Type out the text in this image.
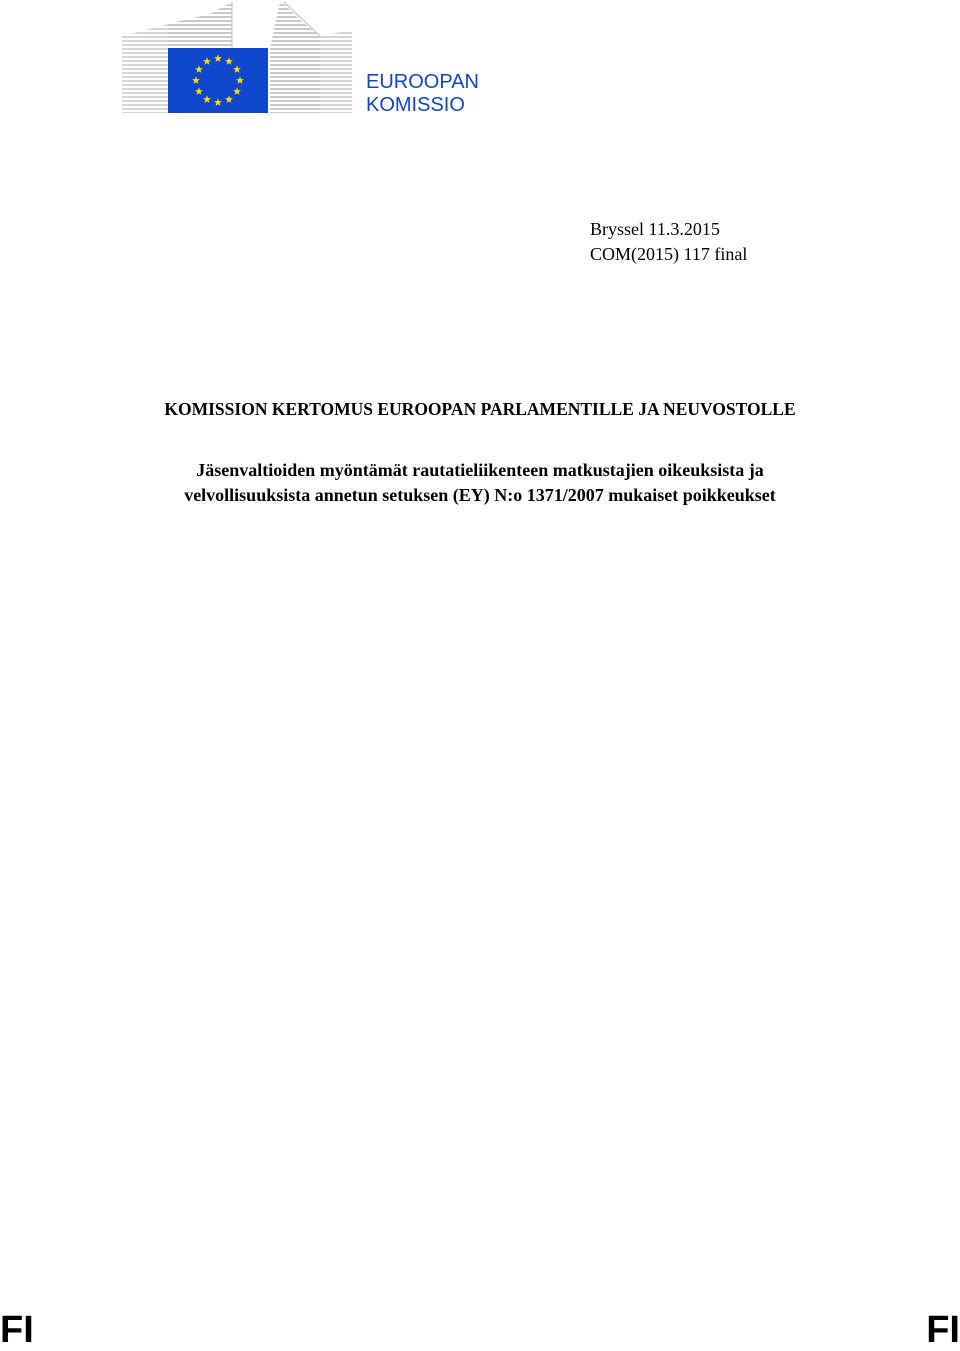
EUROOPAN
KOMISSIO
Bryssel 11.3.2015
COM(2015) 117 final
KOMISSION KERTOMUS EUROOPAN PARLAMENTILLE JA NEUVOSTOLLE
Jäsenvaltioiden myöntämät rautatieliikenteen matkustajien oikeuksista ja
velvollisuuksista annetun setuksen (EY) N:o 1371/2007 mukaiset poikkeukset
FI	FI
